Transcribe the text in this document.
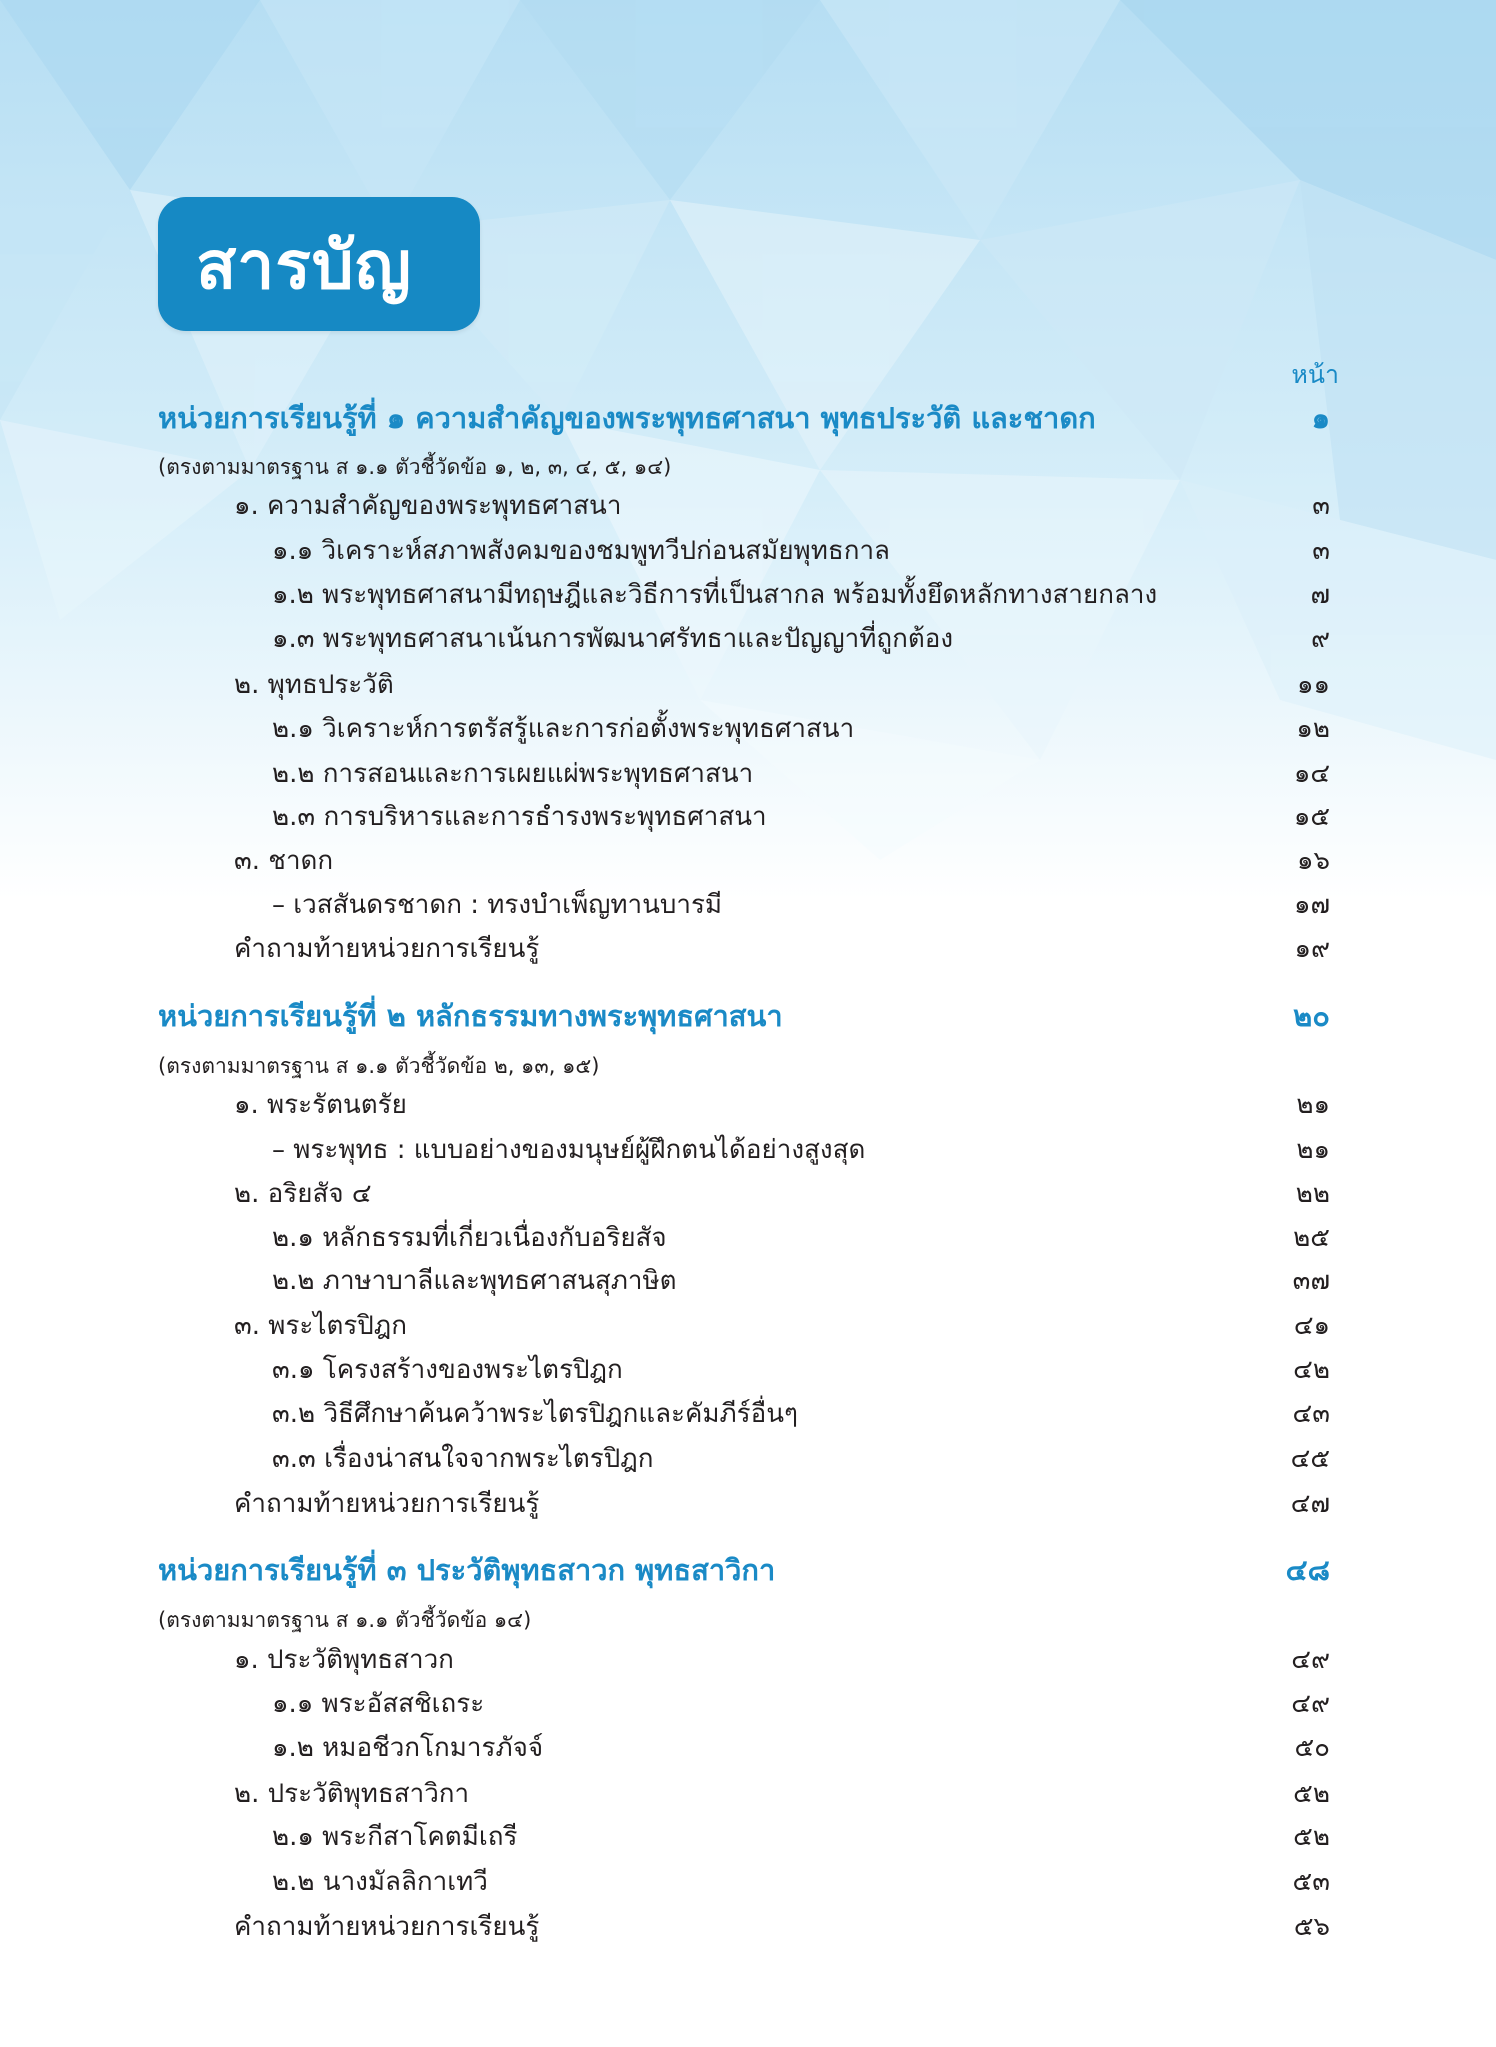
สารบัญ
หน้า
หน่วยการเรียนรู้ที่ ๑ ความสำคัญของพระพุทธศาสนา พุทธประวัติ และชาดก	๑
(ตรงตามมาตรฐาน ส ๑.๑ ตัวชี้วัดข้อ ๑, ๒, ๓, ๔, ๕, ๑๔)
๑. ความสำคัญของพระพุทธศาสนา	๓
๑.๑ วิเคราะห์สภาพสังคมของชมพูทวีปก่อนสมัยพุทธกาล	๓
๑.๒ พระพุทธศาสนามีทฤษฎีและวิธีการที่เป็นสากล พร้อมทั้งยึดหลักทางสายกลาง	๗
๑.๓ พระพุทธศาสนาเน้นการพัฒนาศรัทธาและปัญญาที่ถูกต้อง	๙
๒. พุทธประวัติ	๑๑
๒.๑ วิเคราะห์การตรัสรู้และการก่อตั้งพระพุทธศาสนา	๑๒
๒.๒ การสอนและการเผยแผ่พระพุทธศาสนา	๑๔
๒.๓ การบริหารและการธำรงพระพุทธศาสนา	๑๕
๓. ชาดก	๑๖
– เวสสันดรชาดก : ทรงบำเพ็ญทานบารมี	๑๗
คำถามท้ายหน่วยการเรียนรู้	๑๙
หน่วยการเรียนรู้ที่ ๒ หลักธรรมทางพระพุทธศาสนา	๒๐
(ตรงตามมาตรฐาน ส ๑.๑ ตัวชี้วัดข้อ ๒, ๑๓, ๑๕)
๑. พระรัตนตรัย	๒๑
– พระพุทธ : แบบอย่างของมนุษย์ผู้ฝึกตนได้อย่างสูงสุด	๒๑
๒. อริยสัจ ๔	๒๒
๒.๑ หลักธรรมที่เกี่ยวเนื่องกับอริยสัจ	๒๕
๒.๒ ภาษาบาลีและพุทธศาสนสุภาษิต	๓๗
๓. พระไตรปิฎก	๔๑
๓.๑ โครงสร้างของพระไตรปิฎก	๔๒
๓.๒ วิธีศึกษาค้นคว้าพระไตรปิฎกและคัมภีร์อื่นๆ	๔๓
๓.๓ เรื่องน่าสนใจจากพระไตรปิฎก	๔๕
คำถามท้ายหน่วยการเรียนรู้	๔๗
หน่วยการเรียนรู้ที่ ๓ ประวัติพุทธสาวก พุทธสาวิกา	๔๘
(ตรงตามมาตรฐาน ส ๑.๑ ตัวชี้วัดข้อ ๑๔)
๑. ประวัติพุทธสาวก	๔๙
๑.๑ พระอัสสชิเถระ	๔๙
๑.๒ หมอชีวกโกมารภัจจ์	๕๐
๒. ประวัติพุทธสาวิกา	๕๒
๒.๑ พระกีสาโคตมีเถรี	๕๒
๒.๒ นางมัลลิกาเทวี	๕๓
คำถามท้ายหน่วยการเรียนรู้	๕๖
